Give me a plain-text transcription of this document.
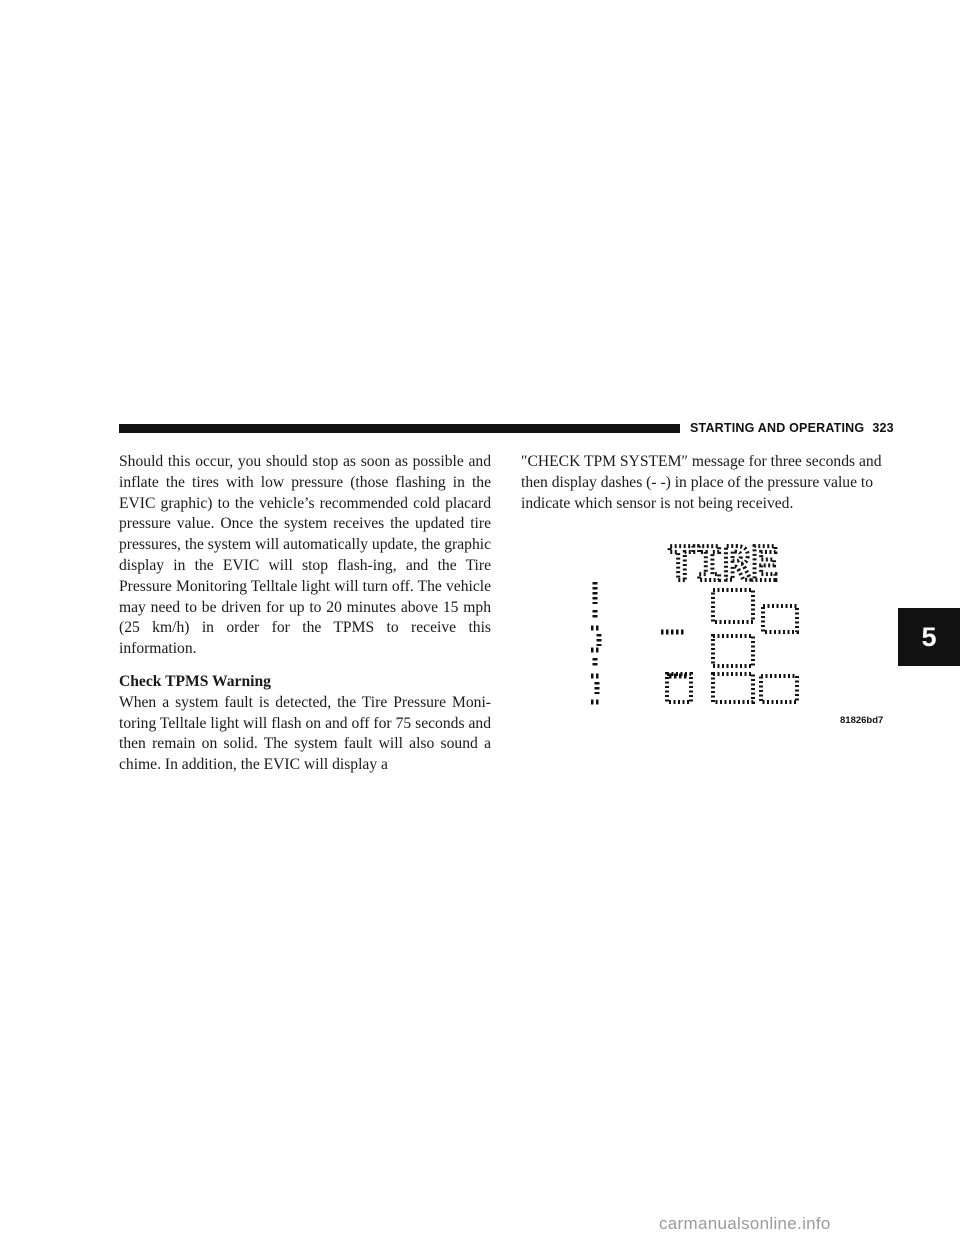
STARTING AND OPERATING 323

Should this occur, you should stop as soon as possible and inflate the tires with low pressure (those flashing in the EVIC graphic) to the vehicle’s recommended cold placard pressure value. Once the system receives the updated tire pressures, the system will automatically update, the graphic display in the EVIC will stop flash-ing, and the Tire Pressure Monitoring Telltale light will turn off. The vehicle may need to be driven for up to 20 minutes above 15 mph (25 km/h) in order for the TPMS to receive this information.

Check TPMS Warning

When a system fault is detected, the Tire Pressure Moni-toring Telltale light will flash on and off for 75 seconds and then remain on solid. The system fault will also sound a chime. In addition, the EVIC will display a

″CHECK TPM SYSTEM″ message for three seconds and then display dashes (- -) in place of the pressure value to indicate which sensor is not being received.

TIRE
81826bd7
5
carmanualsonline.info
